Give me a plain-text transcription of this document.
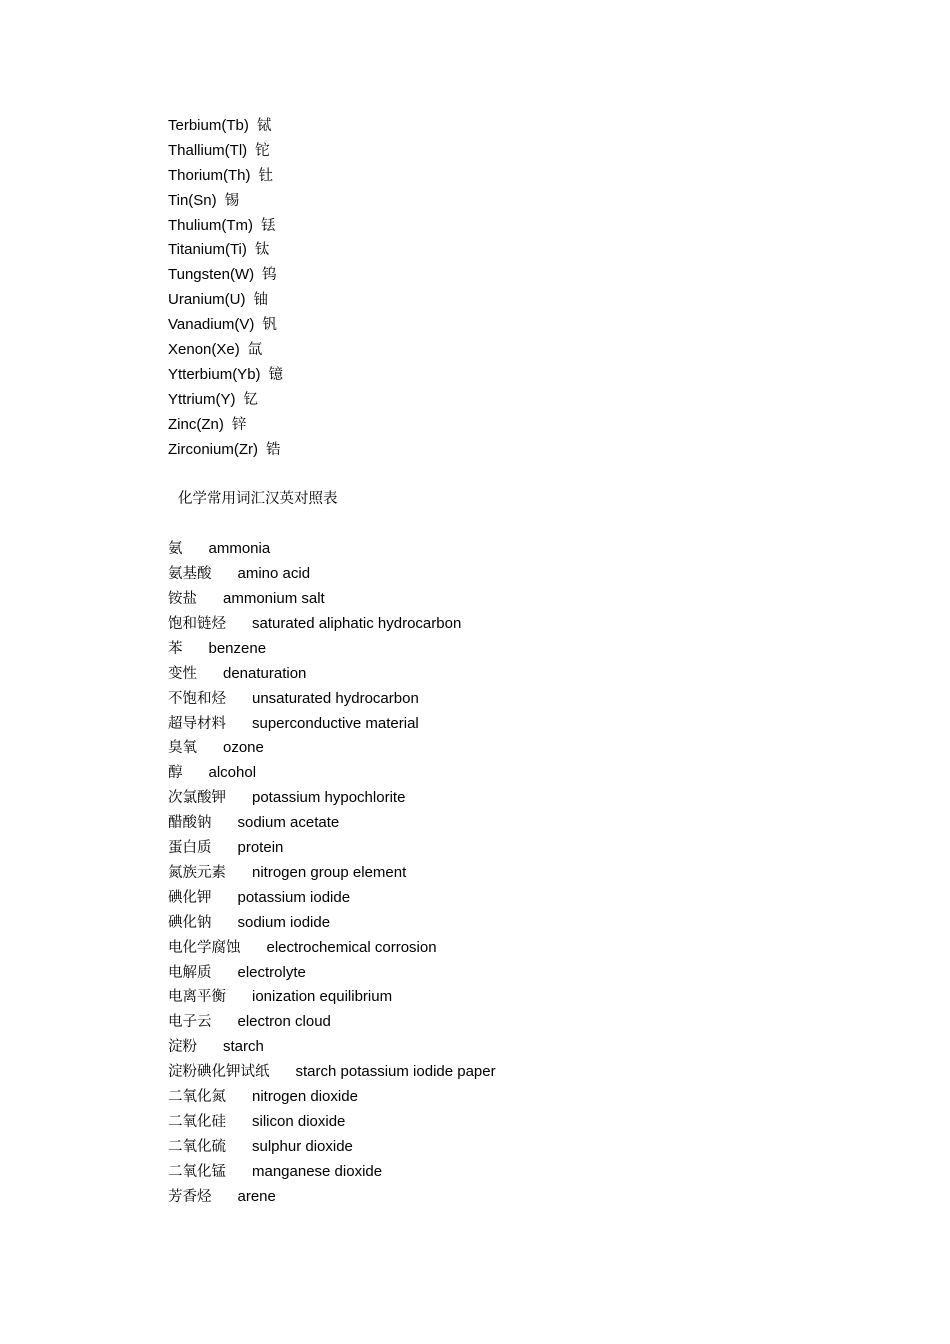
Terbium(Tb) 铽
Thallium(Tl) 铊
Thorium(Th) 钍
Tin(Sn) 锡
Thulium(Tm) 铥
Titanium(Ti) 钛
Tungsten(W) 钨
Uranium(U) 铀
Vanadium(V) 钒
Xenon(Xe) 氙
Ytterbium(Yb) 镱
Yttrium(Y) 钇
Zinc(Zn) 锌
Zirconium(Zr) 锆
化学常用词汇汉英对照表
氨 ammonia
氨基酸 amino acid
铵盐 ammonium salt
饱和链烃 saturated aliphatic hydrocarbon
苯 benzene
变性 denaturation
不饱和烃 unsaturated hydrocarbon
超导材料 superconductive material
臭氧 ozone
醇 alcohol
次氯酸钾 potassium hypochlorite
醋酸钠 sodium acetate
蛋白质 protein
氮族元素 nitrogen group element
碘化钾 potassium iodide
碘化钠 sodium iodide
电化学腐蚀 electrochemical corrosion
电解质 electrolyte
电离平衡 ionization equilibrium
电子云 electron cloud
淀粉 starch
淀粉碘化钾试纸 starch potassium iodide paper
二氧化氮 nitrogen dioxide
二氧化硅 silicon dioxide
二氧化硫 sulphur dioxide
二氧化锰 manganese dioxide
芳香烃 arene
